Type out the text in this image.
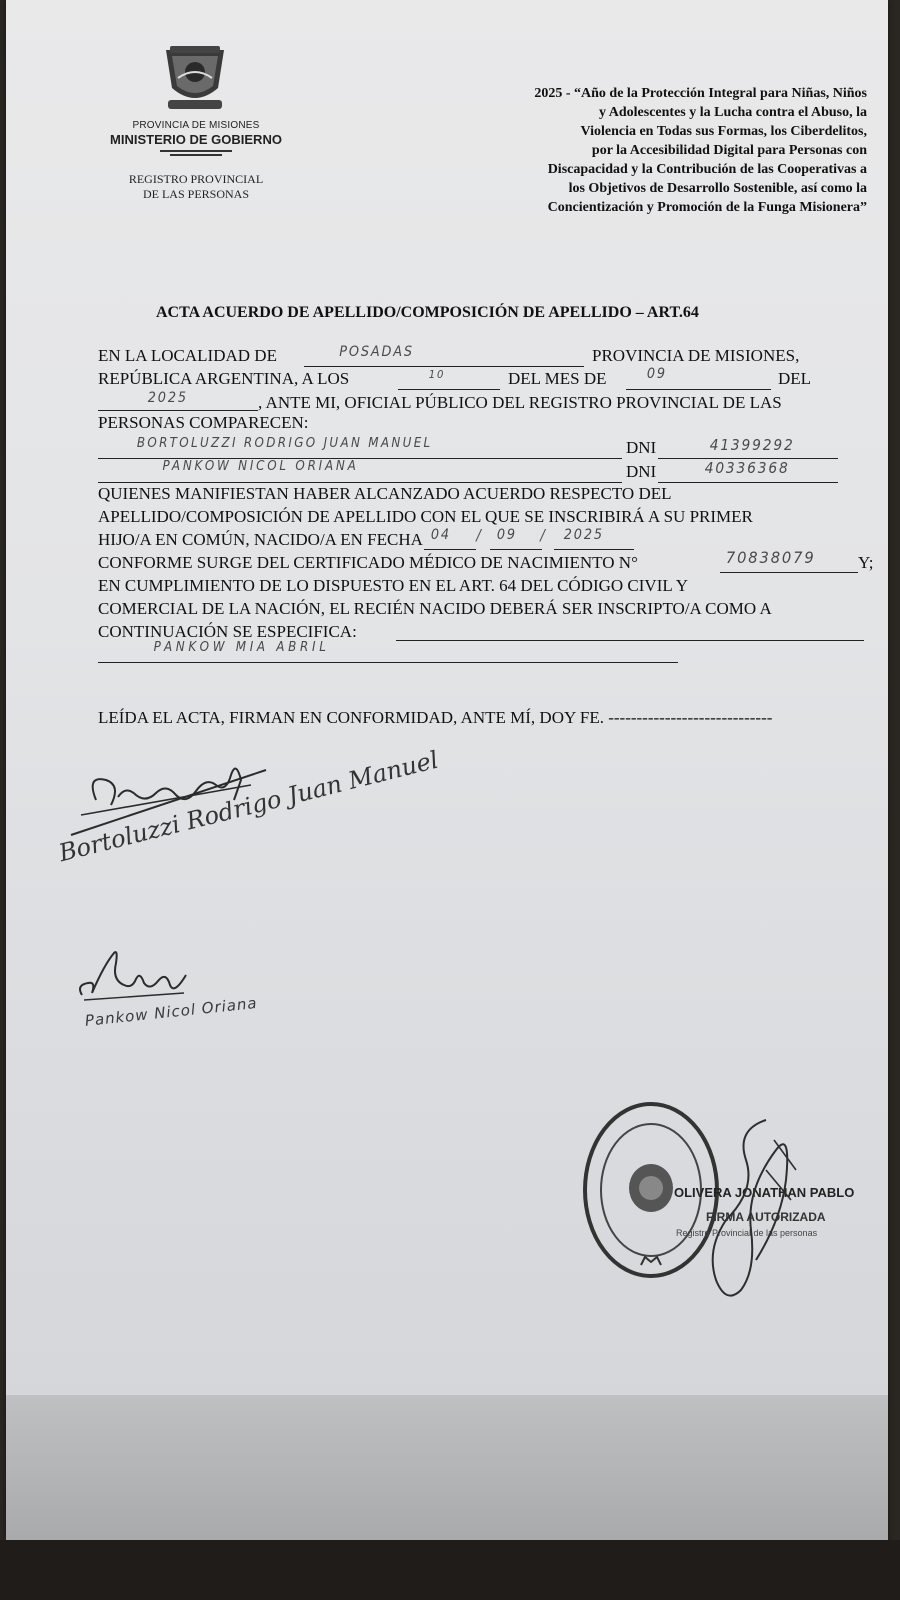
PROVINCIA DE MISIONES
MINISTERIO DE GOBIERNO
REGISTRO PROVINCIAL
DE LAS PERSONAS
2025 - “Año de la Protección Integral para Niñas, Niños
y Adolescentes y la Lucha contra el Abuso, la
Violencia en Todas sus Formas, los Ciberdelitos,
por la Accesibilidad Digital para Personas con
Discapacidad y la Contribución de las Cooperativas a
los Objetivos de Desarrollo Sostenible, así como la
Concientización y Promoción de la Funga Misionera”
ACTA ACUERDO DE APELLIDO/COMPOSICIÓN DE APELLIDO – ART.64
EN LA LOCALIDAD DE	POSADAS	PROVINCIA DE MISIONES,
REPÚBLICA ARGENTINA, A LOS	10	DEL MES DE	09	DEL
2025	, ANTE MI, OFICIAL PÚBLICO DEL REGISTRO PROVINCIAL DE LAS
PERSONAS COMPARECEN:
BORTOLUZZI RODRIGO JUAN MANUEL	DNI	41399292
PANKOW NICOL ORIANA	DNI	40336368
QUIENES MANIFIESTAN HABER ALCANZADO ACUERDO RESPECTO DEL
APELLIDO/COMPOSICIÓN DE APELLIDO CON EL QUE SE INSCRIBIRÁ A SU PRIMER
HIJO/A EN COMÚN, NACIDO/A EN FECHA 04 / 09 / 2025
CONFORME SURGE DEL CERTIFICADO MÉDICO DE NACIMIENTO N°	70838079 Y;
EN CUMPLIMIENTO DE LO DISPUESTO EN EL ART. 64 DEL CÓDIGO CIVIL Y
COMERCIAL DE LA NACIÓN, EL RECIÉN NACIDO DEBERÁ SER INSCRIPTO/A COMO A
CONTINUACIÓN SE ESPECIFICA:
PANKOW MIA ABRIL
LEÍDA EL ACTA, FIRMAN EN CONFORMIDAD, ANTE MÍ, DOY FE. -----------------------------
Bortoluzzi Rodrigo Juan Manuel
Pankow Nicol Oriana
OLIVERA JONATHAN PABLO
FIRMA AUTORIZADA
Registro Provincial de las personas
